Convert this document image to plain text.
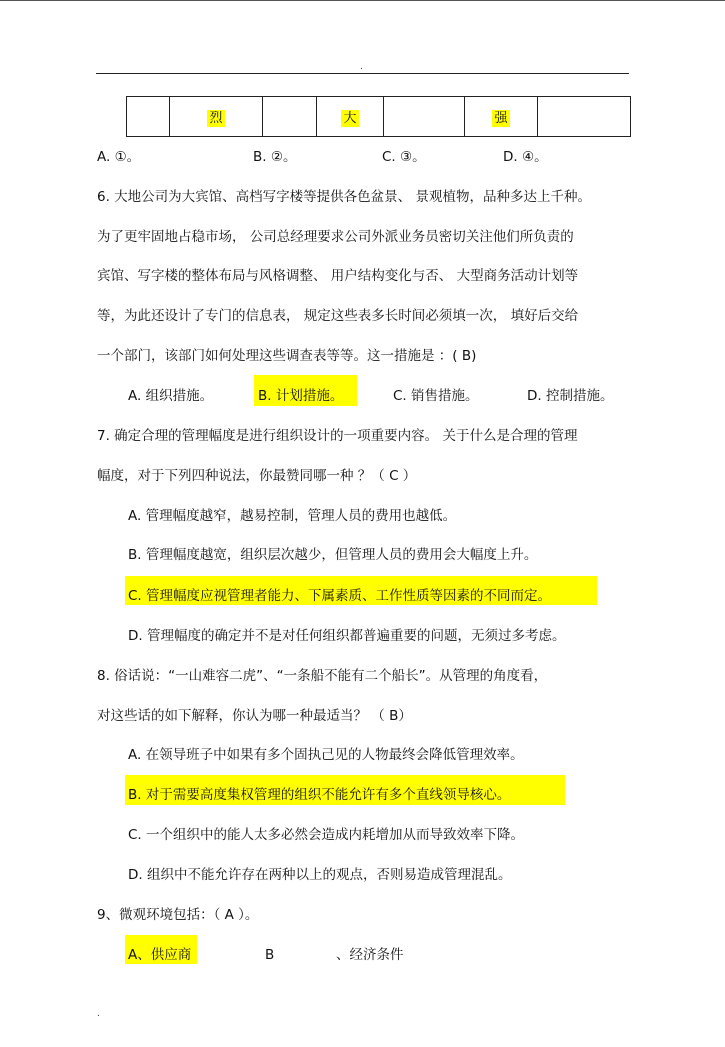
.
	烈		大		强	
A. ①。	B. ②。	C. ③。	D. ④。
6. 大地公司为大宾馆、高档写字楼等提供各色盆景、 景观植物，品种多达上千种。
为了更牢固地占稳市场， 公司总经理要求公司外派业务员密切关注他们所负责的
宾馆、写字楼的整体布局与风格调整、 用户结构变化与否、 大型商务活动计划等
等，为此还设计了专门的信息表， 规定这些表多长时间必须填一次， 填好后交给
一个部门，该部门如何处理这些调查表等等。这一措施是 ：( B)
A. 组织措施。	B. 计划措施。	C. 销售措施。	D. 控制措施。
7. 确定合理的管理幅度是进行组织设计的一项重要内容。 关于什么是合理的管理
幅度，对于下列四种说法，你最赞同哪一种 ？（ C ）
A. 管理幅度越窄，越易控制，管理人员的费用也越低。
B. 管理幅度越宽，组织层次越少，但管理人员的费用会大幅度上升。
C. 管理幅度应视管理者能力、下属素质、工作性质等因素的不同而定。
D. 管理幅度的确定并不是对任何组织都普遍重要的问题，无须过多考虑。
8. 俗话说：“一山难容二虎”、“一条船不能有二个船长”。从管理的角度看，
对这些话的如下解释，你认为哪一种最适当？ （ B）
A. 在领导班子中如果有多个固执己见的人物最终会降低管理效率。
B. 对于需要高度集权管理的组织不能允许有多个直线领导核心。
C. 一个组织中的能人太多必然会造成内耗增加从而导致效率下降。
D. 组织中不能允许存在两种以上的观点，否则易造成管理混乱。
9、微观环境包括：（ A ）。
A、供应商	B	、经济条件
.
